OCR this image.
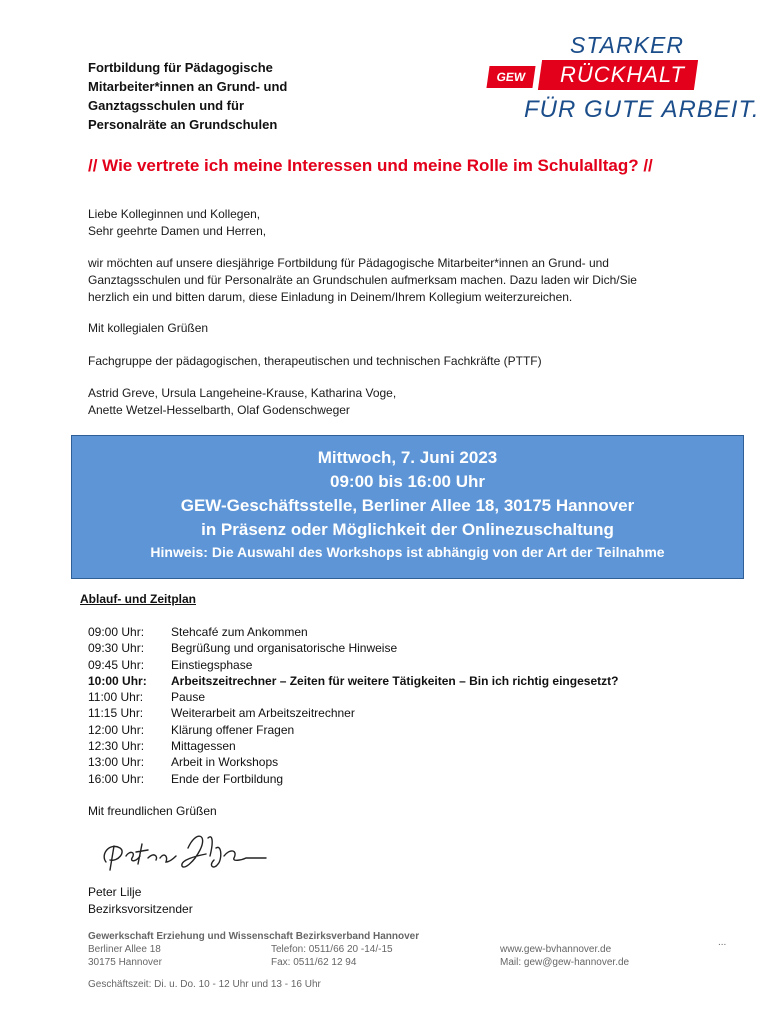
Fortbildung für Pädagogische
Mitarbeiter*innen an Grund- und
Ganztagsschulen und für
Personalräte an Grundschulen
STARKER
RÜCKHALT
GEW
FÜR GUTE ARBEIT.
// Wie vertrete ich meine Interessen und meine Rolle im Schulalltag? //
Liebe Kolleginnen und Kollegen,
Sehr geehrte Damen und Herren,
wir möchten auf unsere diesjährige Fortbildung für Pädagogische Mitarbeiter*innen an Grund- und
Ganztagsschulen und für Personalräte an Grundschulen aufmerksam machen. Dazu laden wir Dich/Sie
herzlich ein und bitten darum, diese Einladung in Deinem/Ihrem Kollegium weiterzureichen.
Mit kollegialen Grüßen
Fachgruppe der pädagogischen, therapeutischen und technischen Fachkräfte (PTTF)
Astrid Greve, Ursula Langeheine-Krause, Katharina Voge,
Anette Wetzel-Hesselbarth, Olaf Godenschweger
Mittwoch, 7. Juni 2023
09:00 bis 16:00 Uhr
GEW-Geschäftsstelle, Berliner Allee 18, 30175 Hannover
in Präsenz oder Möglichkeit der Onlinezuschaltung
Hinweis: Die Auswahl des Workshops ist abhängig von der Art der Teilnahme
Ablauf- und Zeitplan
09:00 Uhr:	Stehcafé zum Ankommen
09:30 Uhr:	Begrüßung und organisatorische Hinweise
09:45 Uhr:	Einstiegsphase
10:00 Uhr:	Arbeitszeitrechner – Zeiten für weitere Tätigkeiten – Bin ich richtig eingesetzt?
11:00 Uhr:	Pause
11:15 Uhr:	Weiterarbeit am Arbeitszeitrechner
12:00 Uhr:	Klärung offener Fragen
12:30 Uhr:	Mittagessen
13:00 Uhr:	Arbeit in Workshops
16:00 Uhr:	Ende der Fortbildung
Mit freundlichen Grüßen
Peter Lilje
Bezirksvorsitzender
Gewerkschaft Erziehung und Wissenschaft Bezirksverband Hannover
Berliner Allee 18
30175 Hannover
Telefon: 0511/66 20 -14/-15
Fax: 0511/62 12 94
www.gew-bvhannover.de
Mail: gew@gew-hannover.de
...
Geschäftszeit: Di. u. Do. 10 - 12 Uhr und 13 - 16 Uhr
